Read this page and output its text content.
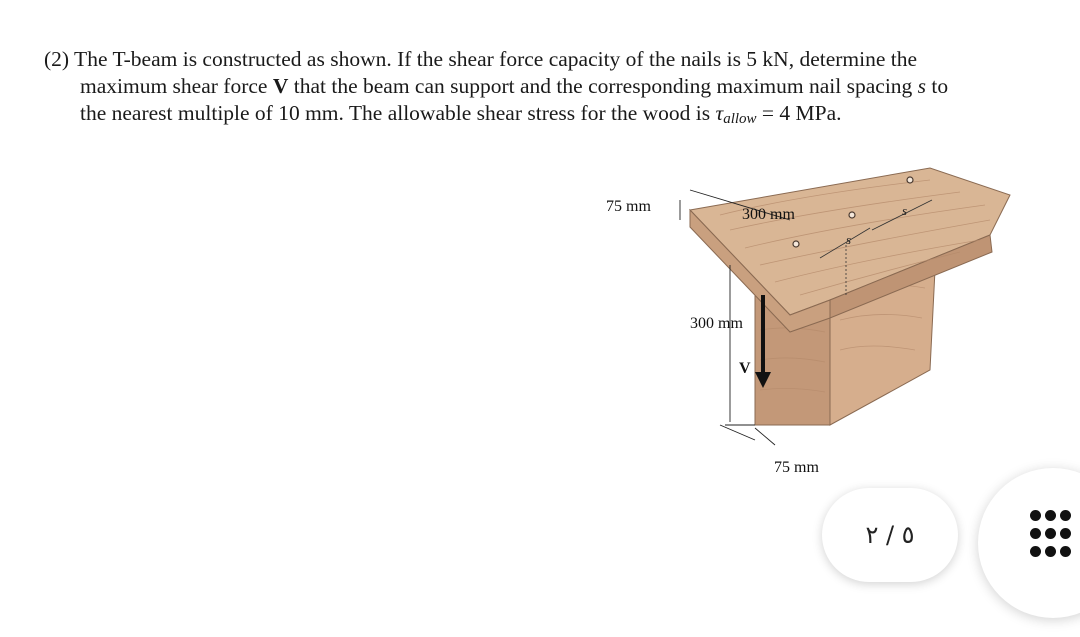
(2) The T-beam is constructed as shown. If the shear force capacity of the nails is 5 kN, determine the
maximum shear force V that the beam can support and the corresponding maximum nail spacing s to
the nearest multiple of 10 mm. The allowable shear stress for the wood is $\tau_{allow} = 4$ MPa.
s
s
75 mm	300 mm
300 mm
V
75 mm
٥ / ٢
